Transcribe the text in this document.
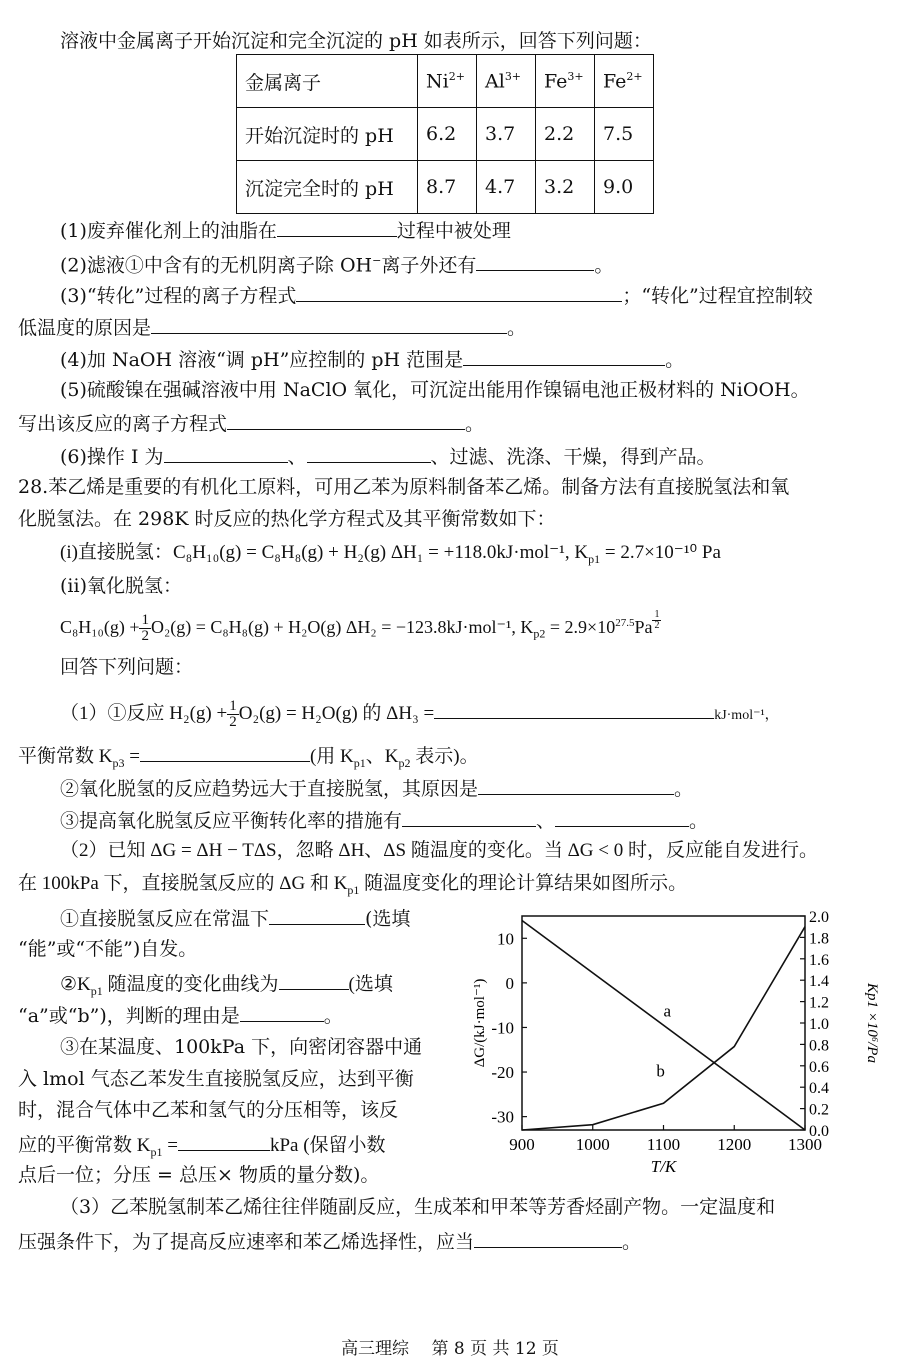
溶液中金属离子开始沉淀和完全沉淀的 pH 如表所示，回答下列问题：
金属离子	$Ni^{2+}$	$Al^{3+}$	$Fe^{3+}$	$Fe^{2+}$
开始沉淀时的 pH	6.2	3.7	2.2	7.5
沉淀完全时的 pH	8.7	4.7	3.2	9.0
(1)废弃催化剂上的油脂在	过程中被处理
(2)滤液①中含有的无机阴离子除 OH−离子外还有	。
(3)“转化”过程的离子方程式	；“转化”过程宜控制较
低温度的原因是	。
(4)加 NaOH 溶液“调 pH”应控制的 pH 范围是	。
(5)硫酸镍在强碱溶液中用 NaClO 氧化，可沉淀出能用作镍镉电池正极材料的 NiOOH。
写出该反应的离子方程式	。
(6)操作 I 为	、	、过滤、洗涤、干燥，得到产品。
28.苯乙烯是重要的有机化工原料，可用乙苯为原料制备苯乙烯。制备方法有直接脱氢法和氧
化脱氢法。在 298K 时反应的热化学方程式及其平衡常数如下：
(i)直接脱氢：C₈H₁₀(g) = C₈H₈(g) + H₂(g) ΔH₁ = +118.0kJ·mol⁻¹, $K_{p1} = 2.7\times 10^{-10}$ Pa
(ii)氧化脱氢：
$C_8H_{10}(g) + \frac{1}{2} O_2(g) = C_8H_8(g) + H_2O(g) \Delta H_2 = -123.8kJ\cdot mol^{-1}$, $K_{p2} = 2.9\times 10^{27.5}Pa \frac{1}{2}$
回答下列问题：
（1）①反应 $H_2(g) + \frac{1}{2} O_2(g) = H_2O(g)$ 的 ΔH₃ =	kJ·mol⁻¹，
平衡常数 $K_{p3}$ =	(用 $K_{p1}$、$K_{p2}$ 表示)。
②氧化脱氢的反应趋势远大于直接脱氢，其原因是	。
③提高氧化脱氢反应平衡转化率的措施有	、	。
（2）已知 ΔG = ΔH − TΔS，忽略 ΔH、ΔS 随温度的变化。当 ΔG < 0 时，反应能自发进行。
在 100kPa 下，直接脱氢反应的 ΔG 和 $K_{p1}$ 随温度变化的理论计算结果如图所示。
①直接脱氢反应在常温下	(选填
“能”或“不能”)自发。
$②K_{p1}$ 随温度的变化曲线为	(选填
“a”或“b”)，判断的理由是	。
③在某温度、100kPa 下，向密闭容器中通
入 lmol 气态乙苯发生直接脱氢反应，达到平衡
时，混合气体中乙苯和氢气的分压相等，该反
应的平衡常数 $K_{p1}$ =	kPa (保留小数
点后一位；分压 = 总压× 物质的量分数)。
（3）乙苯脱氢制苯乙烯往往伴随副反应，生成苯和甲苯等芳香烃副产物。一定温度和
压强条件下，为了提高反应速率和苯乙烯选择性，应当	。
900 1000 1100 1200 1300
10
0
-10
-20
-30
2.0
1.8
1.6
1.4
1.2
1.0
0.8
0.6
0.4
0.2
0.0
T/K
ΔG/(kJ·mol⁻¹)	Kp1 ×10⁶/Pa
a
b
高三理综　 第 8 页 共 12 页
